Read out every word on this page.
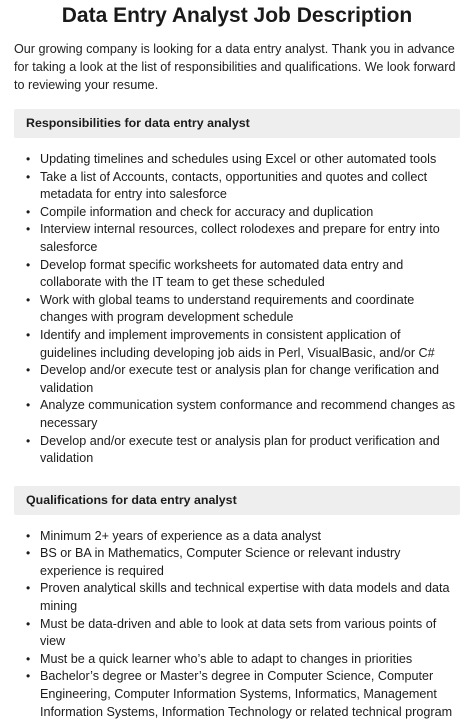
Data Entry Analyst Job Description

Our growing company is looking for a data entry analyst. Thank you in advance for taking a look at the list of responsibilities and qualifications. We look forward to reviewing your resume.

Responsibilities for data entry analyst
• Updating timelines and schedules using Excel or other automated tools
• Take a list of Accounts, contacts, opportunities and quotes and collect metadata for entry into salesforce
• Compile information and check for accuracy and duplication
• Interview internal resources, collect rolodexes and prepare for entry into salesforce
• Develop format specific worksheets for automated data entry and collaborate with the IT team to get these scheduled
• Work with global teams to understand requirements and coordinate changes with program development schedule
• Identify and implement improvements in consistent application of guidelines including developing job aids in Perl, VisualBasic, and/or C#
• Develop and/or execute test or analysis plan for change verification and validation
• Analyze communication system conformance and recommend changes as necessary
• Develop and/or execute test or analysis plan for product verification and validation
Qualifications for data entry analyst
• Minimum 2+ years of experience as a data analyst
• BS or BA in Mathematics, Computer Science or relevant industry experience is required
• Proven analytical skills and technical expertise with data models and data mining
• Must be data-driven and able to look at data sets from various points of view
• Must be a quick learner who’s able to adapt to changes in priorities
• Bachelor’s degree or Master’s degree in Computer Science, Computer Engineering, Computer Information Systems, Informatics, Management Information Systems, Information Technology or related technical program
